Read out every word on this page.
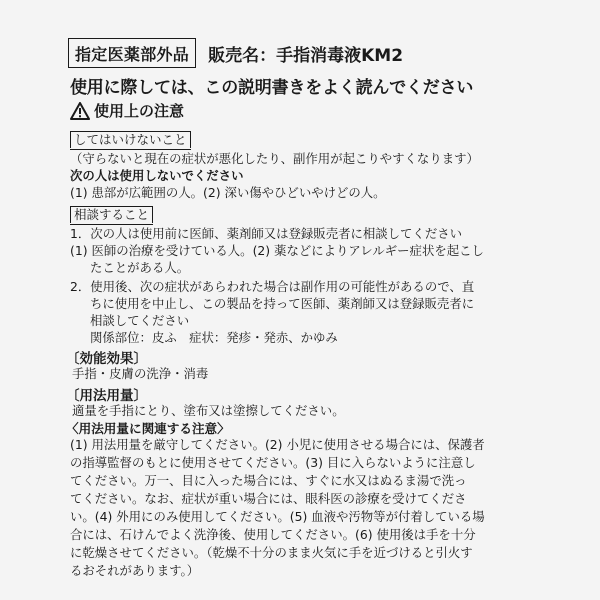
指定医薬部外品	販売名：手指消毒液KM2
使用に際しては、この説明書きをよく読んでください
使用上の注意
してはいけないこと
（守らないと現在の症状が悪化したり、副作用が起こりやすくなります）
次の人は使用しないでください
(1) 患部が広範囲の人。(2) 深い傷やひどいやけどの人。
相談すること
1．次の人は使用前に医師、薬剤師又は登録販売者に相談してください
(1) 医師の治療を受けている人。(2) 薬などによりアレルギー症状を起こし
たことがある人。
2．使用後、次の症状があらわれた場合は副作用の可能性があるので、直
ちに使用を中止し、この製品を持って医師、薬剤師又は登録販売者に
相談してください
関係部位：皮ふ　症状：発疹・発赤、かゆみ
〔効能効果〕
手指・皮膚の洗浄・消毒
〔用法用量〕
適量を手指にとり、塗布又は塗擦してください。
〈用法用量に関連する注意〉
(1) 用法用量を厳守してください。(2) 小児に使用させる場合には、保護者
の指導監督のもとに使用させてください。(3) 目に入らないように注意し
てください。万一、目に入った場合には、すぐに水又はぬるま湯で洗っ
てください。なお、症状が重い場合には、眼科医の診療を受けてくださ
い。(4) 外用にのみ使用してください。(5) 血液や汚物等が付着している場
合には、石けんでよく洗浄後、使用してください。(6) 使用後は手を十分
に乾燥させてください。（乾燥不十分のまま火気に手を近づけると引火す
るおそれがあります。）
